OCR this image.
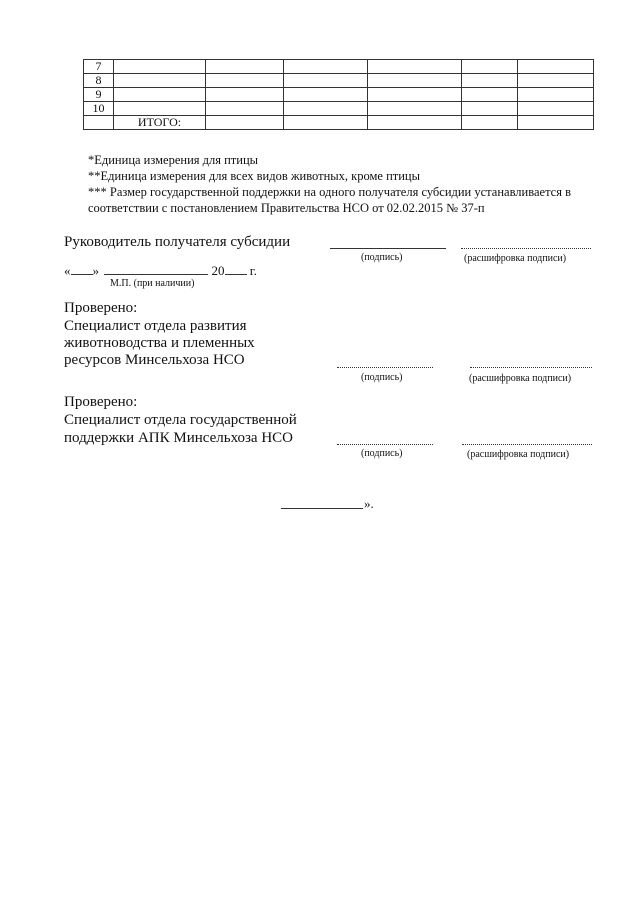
7						
8						
9						
10						
	ИТОГО:					
*Единица измерения для птицы
**Единица измерения для всех видов животных, кроме птицы
*** Размер государственной поддержки на одного получателя субсидии устанавливается в
соответствии с постановлением Правительства НСО от 02.02.2015 № 37-п
Руководитель получателя субсидии
(подпись)	(расшифровка подписи)
« »	20 г.
М.П. (при наличии)
Проверено:
Специалист отдела развития
животноводства и племенных
ресурсов Минсельхоза НСО
(подпись)	(расшифровка подписи)
Проверено:
Специалист отдела государственной
поддержки АПК Минсельхоза НСО
(подпись)	(расшифровка подписи)
».
